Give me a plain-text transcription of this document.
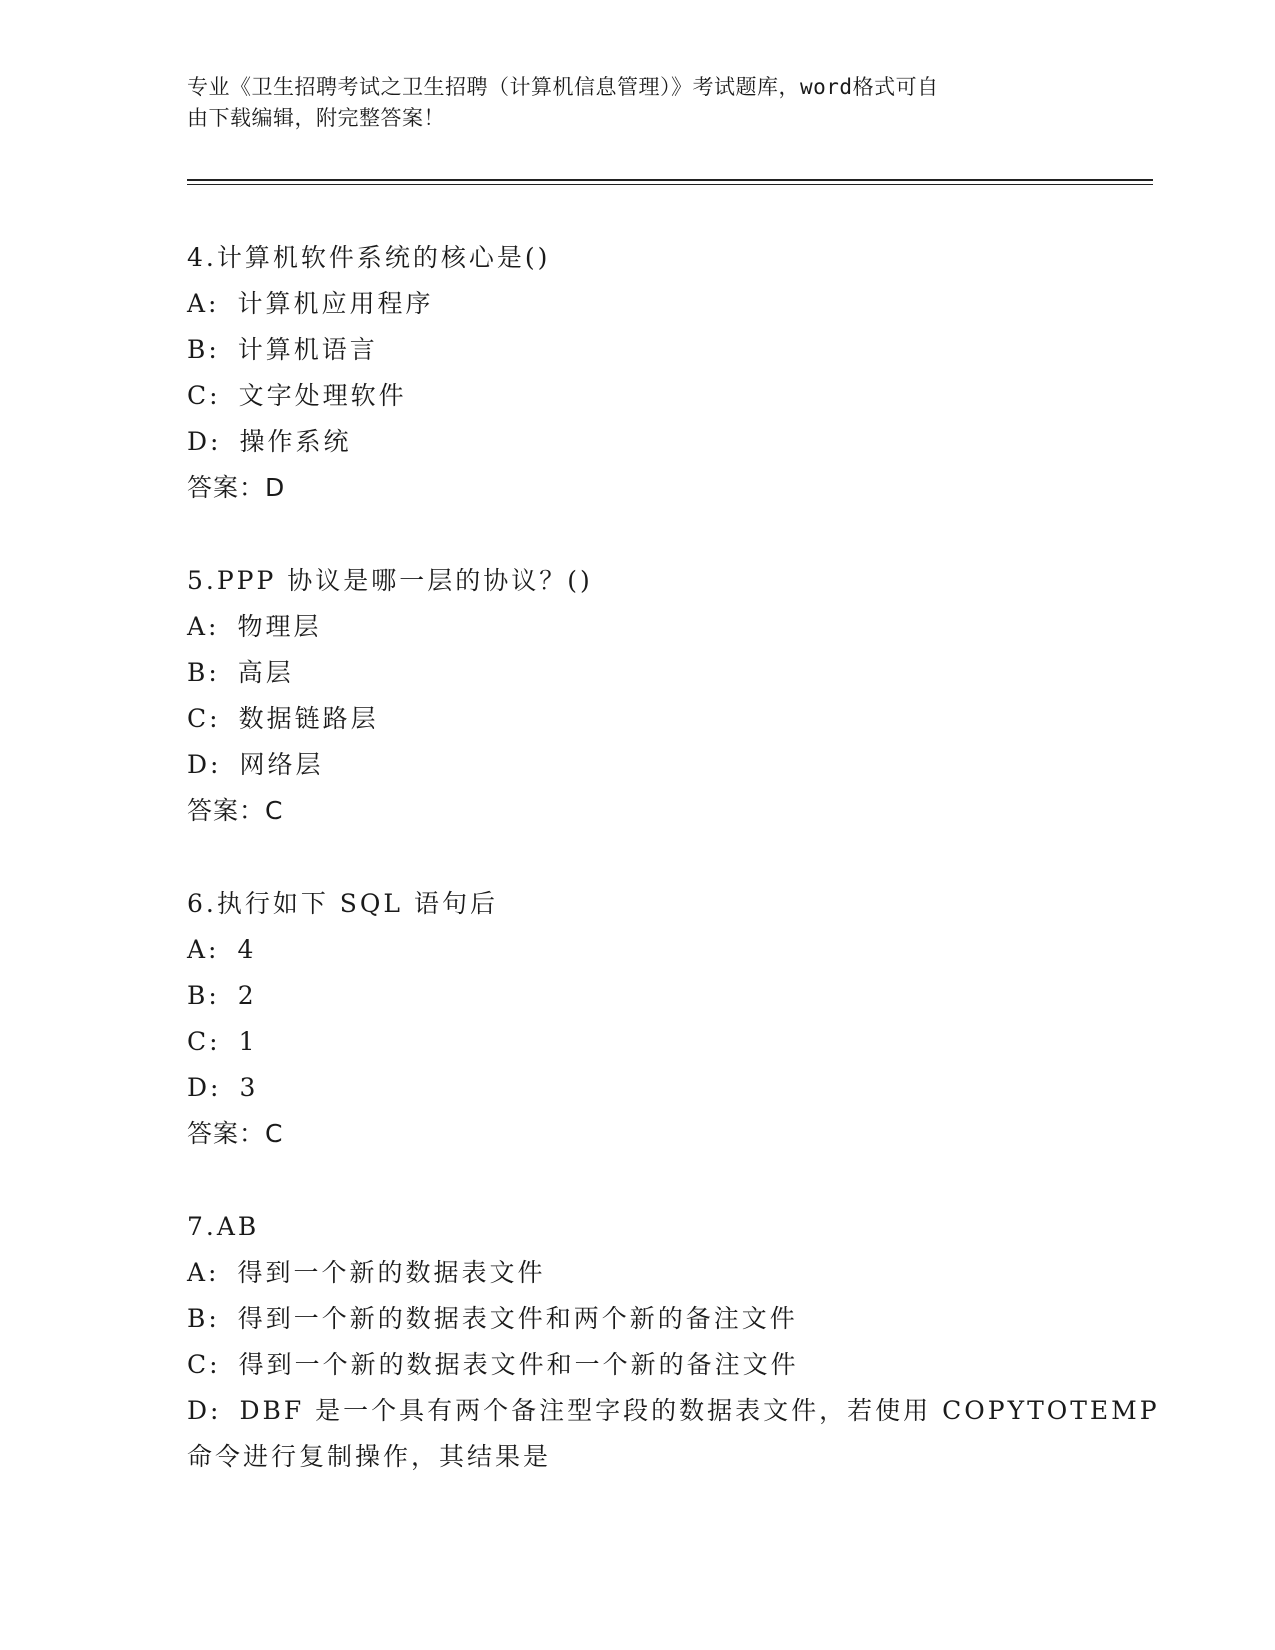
专业《卫生招聘考试之卫生招聘（计算机信息管理）》考试题库，word格式可自
由下载编辑，附完整答案！
4.计算机软件系统的核心是()
A: 计算机应用程序
B: 计算机语言
C: 文字处理软件
D: 操作系统
答案：D
5.PPP 协议是哪一层的协议？()
A: 物理层
B: 高层
C: 数据链路层
D: 网络层
答案：C
6.执行如下 SQL 语句后
A: 4
B: 2
C: 1
D: 3
答案：C
7.AB
A: 得到一个新的数据表文件
B: 得到一个新的数据表文件和两个新的备注文件
C: 得到一个新的数据表文件和一个新的备注文件
D: DBF 是一个具有两个备注型字段的数据表文件，若使用 COPYTOTEMP
命令进行复制操作，其结果是
